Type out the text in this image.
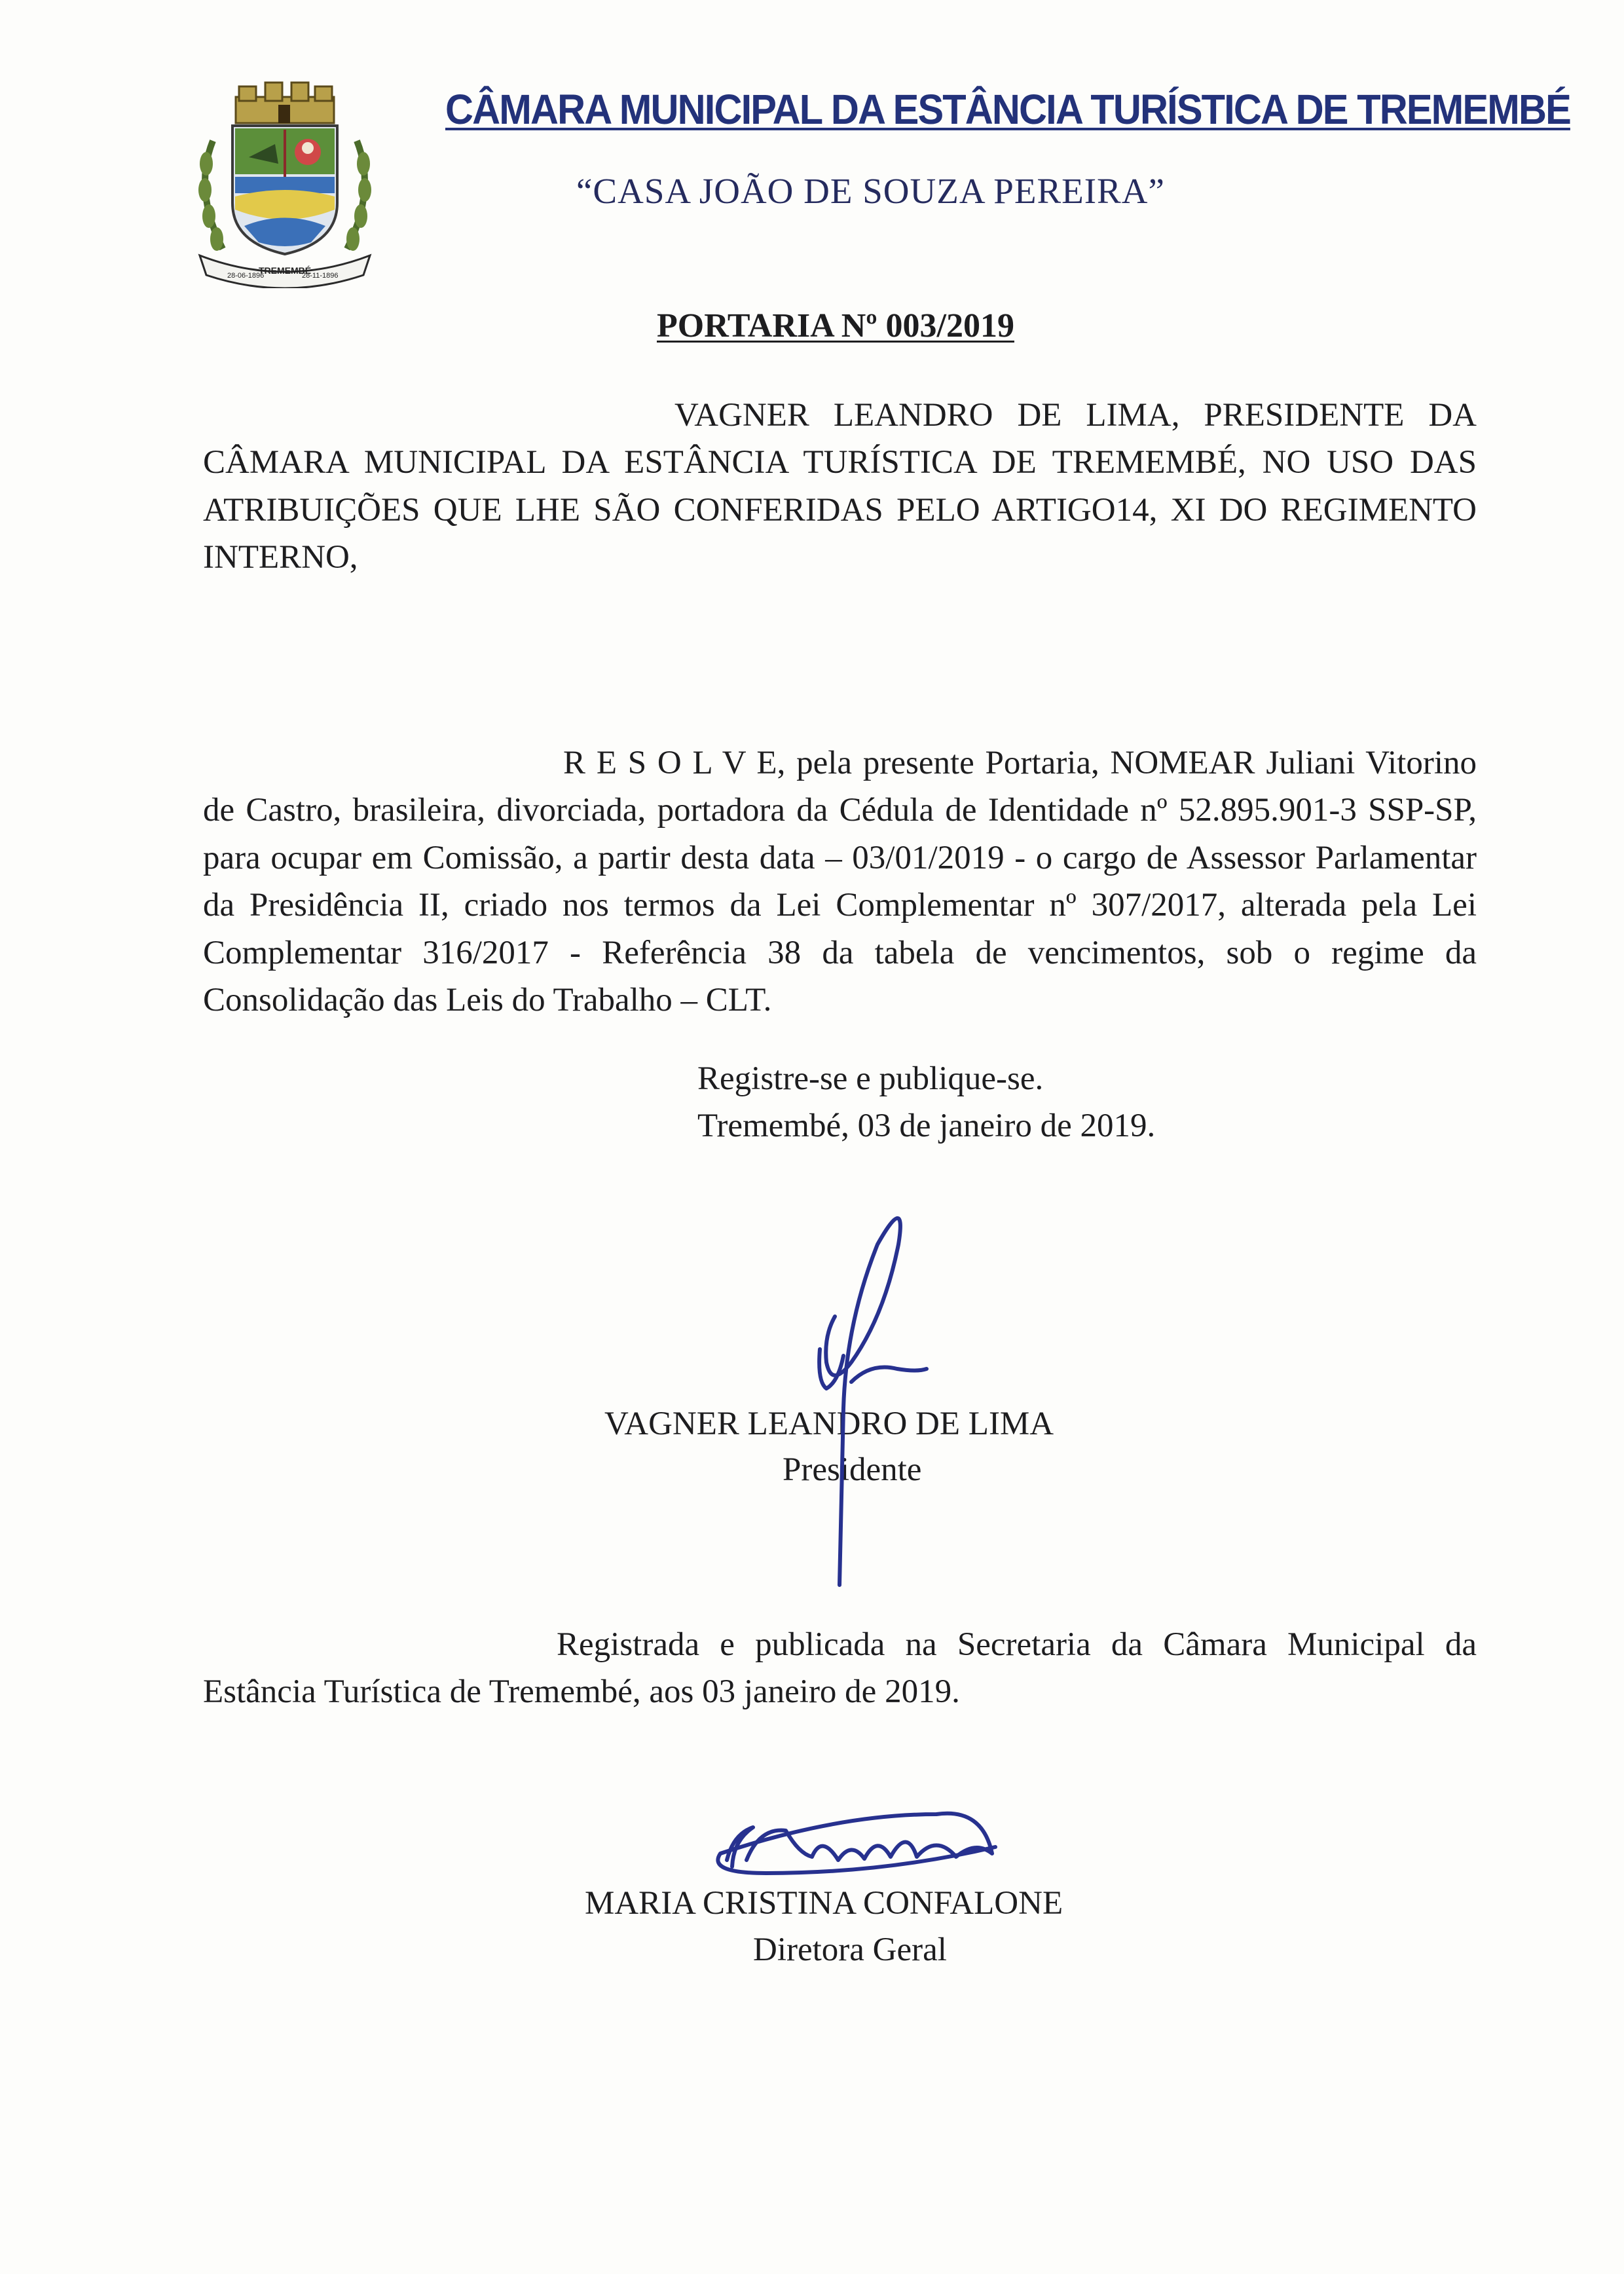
TREMEMBÉ
28-06-1896	28-11-1896
CÂMARA MUNICIPAL DA ESTÂNCIA TURÍSTICA DE TREMEMBÉ
“CASA JOÃO DE SOUZA PEREIRA”
PORTARIA Nº 003/2019
VAGNER LEANDRO DE LIMA, PRESIDENTE DA CÂMARA MUNICIPAL DA ESTÂNCIA TURÍSTICA DE TREMEMBÉ, NO USO DAS ATRIBUIÇÕES QUE LHE SÃO CONFERIDAS PELO ARTIGO14, XI DO REGIMENTO INTERNO,
R E S O L V E, pela presente Portaria, NOMEAR Juliani Vitorino de Castro, brasileira, divorciada, portadora da Cédula de Identidade nº 52.895.901-3 SSP-SP, para ocupar em Comissão, a partir desta data – 03/01/2019 - o cargo de Assessor Parlamentar da Presidência II, criado nos termos da Lei Complementar nº 307/2017, alterada pela Lei Complementar 316/2017 - Referência 38 da tabela de vencimentos, sob o regime da Consolidação das Leis do Trabalho – CLT.
Registre-se e publique-se.
Tremembé, 03 de janeiro de 2019.
VAGNER LEANDRO DE LIMA
Presidente
Registrada e publicada na Secretaria da Câmara Municipal da Estância Turística de Tremembé, aos 03 janeiro de 2019.
MARIA CRISTINA CONFALONE
Diretora Geral
